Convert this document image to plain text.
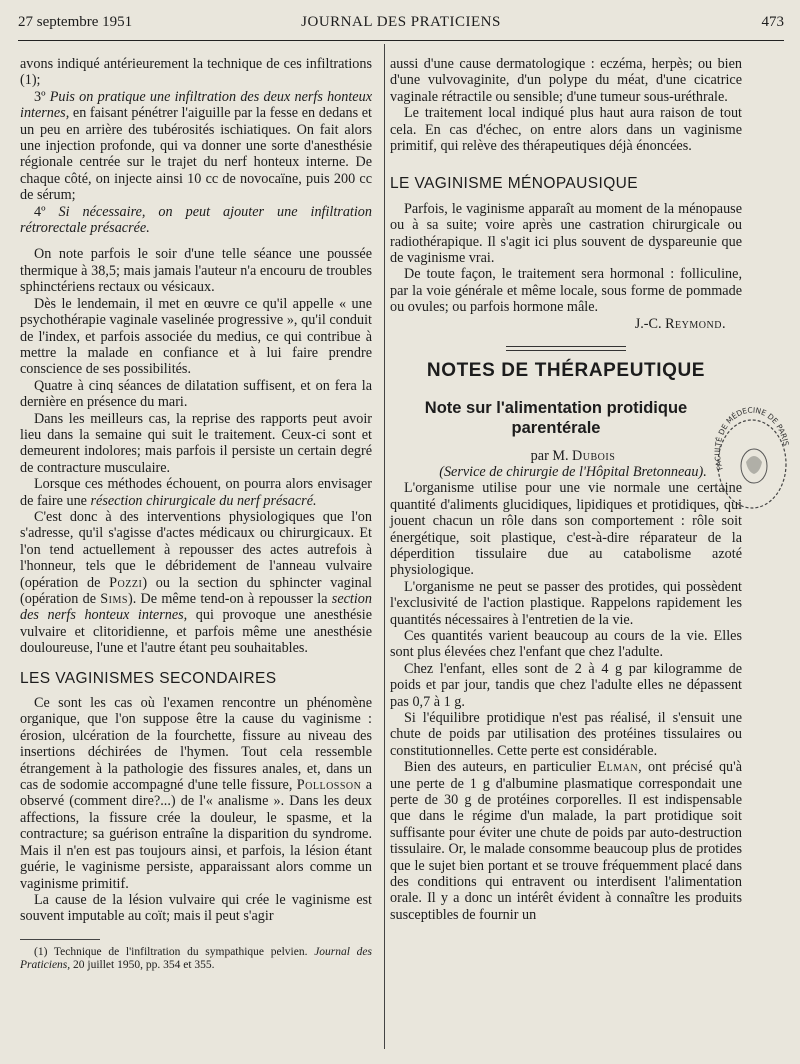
27 septembre 1951	JOURNAL DES PRATICIENS	473

avons indiqué antérieurement la technique de ces infiltrations (1);

3º Puis on pratique une infiltration des deux nerfs honteux internes, en faisant pénétrer l'aiguille par la fesse en dedans et un peu en arrière des tubérosités ischiatiques. On fait alors une injection profonde, qui va donner une sorte d'anesthésie régionale centrée sur le trajet du nerf honteux interne. De chaque côté, on injecte ainsi 10 cc de novocaïne, puis 200 cc de sérum;

4º Si nécessaire, on peut ajouter une infiltration rétrorectale présacrée.

On note parfois le soir d'une telle séance une poussée thermique à 38,5; mais jamais l'auteur n'a encouru de troubles sphinctériens rectaux ou vésicaux.

Dès le lendemain, il met en œuvre ce qu'il appelle « une psychothérapie vaginale vaselinée progressive », qu'il conduit de l'index, et parfois associée du medius, ce qui contribue à mettre la malade en confiance et à lui faire prendre conscience de ses possibilités.

Quatre à cinq séances de dilatation suffisent, et on fera la dernière en présence du mari.

Dans les meilleurs cas, la reprise des rapports peut avoir lieu dans la semaine qui suit le traitement. Ceux-ci sont et demeurent indolores; mais parfois il persiste un certain degré de contracture musculaire.

Lorsque ces méthodes échouent, on pourra alors envisager de faire une résection chirurgicale du nerf présacré.

C'est donc à des interventions physiologiques que l'on s'adresse, qu'il s'agisse d'actes médicaux ou chirurgicaux. Et l'on tend actuellement à repousser des actes autrefois à l'honneur, tels que le débridement de l'anneau vulvaire (opération de Pozzi) ou la section du sphincter vaginal (opération de Sims). De même tend-on à repousser la section des nerfs honteux internes, qui provoque une anesthésie vulvaire et clitoridienne, et parfois même une anesthésie douloureuse, l'une et l'autre étant peu souhaitables.

LES VAGINISMES SECONDAIRES

Ce sont les cas où l'examen rencontre un phénomène organique, que l'on suppose être la cause du vaginisme : érosion, ulcération de la fourchette, fissure au niveau des insertions déchirées de l'hymen. Tout cela ressemble étrangement à la pathologie des fissures anales, et, dans un cas de sodomie accompagné d'une telle fissure, Pollosson a observé (comment dire?...) de l'« analisme ». Dans les deux affections, la fissure crée la douleur, le spasme, et la contracture; sa guérison entraîne la disparition du syndrome. Mais il n'en est pas toujours ainsi, et parfois, la lésion étant guérie, le vaginisme persiste, apparaissant alors comme un vaginisme primitif.

La cause de la lésion vulvaire qui crée le vaginisme est souvent imputable au coït; mais il peut s'agir

(1) Technique de l'infiltration du sympathique pelvien. Journal des Praticiens, 20 juillet 1950, pp. 354 et 355.

aussi d'une cause dermatologique : eczéma, herpès; ou bien d'une vulvovaginite, d'un polype du méat, d'une cicatrice vaginale rétractile ou sensible; d'une tumeur sous-uréthrale.

Le traitement local indiqué plus haut aura raison de tout cela. En cas d'échec, on entre alors dans un vaginisme primitif, qui relève des thérapeutiques déjà énoncées.

LE VAGINISME MÉNOPAUSIQUE

Parfois, le vaginisme apparaît au moment de la ménopause ou à sa suite; voire après une castration chirurgicale ou radiothérapique. Il s'agit ici plus souvent de dyspareunie que de vaginisme vrai.

De toute façon, le traitement sera hormonal : folliculine, par la voie générale et même locale, sous forme de pommade ou ovules; ou parfois hormone mâle.

J.-C. Reymond.

NOTES DE THÉRAPEUTIQUE
Note sur l'alimentation protidique parentérale

par M. Dubois

(Service de chirurgie de l'Hôpital Bretonneau).

L'organisme utilise pour une vie normale une certaine quantité d'aliments glucidiques, lipidiques et protidiques, qui jouent chacun un rôle dans son comportement : rôle soit énergétique, soit plastique, c'est-à-dire réparateur de la déperdition tissulaire due au catabolisme azoté physiologique.

L'organisme ne peut se passer des protides, qui possèdent l'exclusivité de l'action plastique. Rappelons rapidement les quantités nécessaires à l'entretien de la vie.

Ces quantités varient beaucoup au cours de la vie. Elles sont plus élevées chez l'enfant que chez l'adulte.

Chez l'enfant, elles sont de 2 à 4 g par kilogramme de poids et par jour, tandis que chez l'adulte elles ne dépassent pas 0,7 à 1 g.

Si l'équilibre protidique n'est pas réalisé, il s'ensuit une chute de poids par utilisation des protéines tissulaires ou constitutionnelles. Cette perte est considérable.

Bien des auteurs, en particulier Elman, ont précisé qu'à une perte de 1 g d'albumine plasmatique correspondait une perte de 30 g de protéines corporelles. Il est indispensable que dans le régime d'un malade, la part protidique soit suffisante pour éviter une chute de poids par auto-destruction tissulaire. Or, le malade consomme beaucoup plus de protides que le sujet bien portant et se trouve fréquemment placé dans des conditions qui entravent ou interdisent l'alimentation orale. Il y a donc un intérêt évident à connaître les produits susceptibles de fournir un

FACULTÉ DE MÉDECINE DE PARIS
